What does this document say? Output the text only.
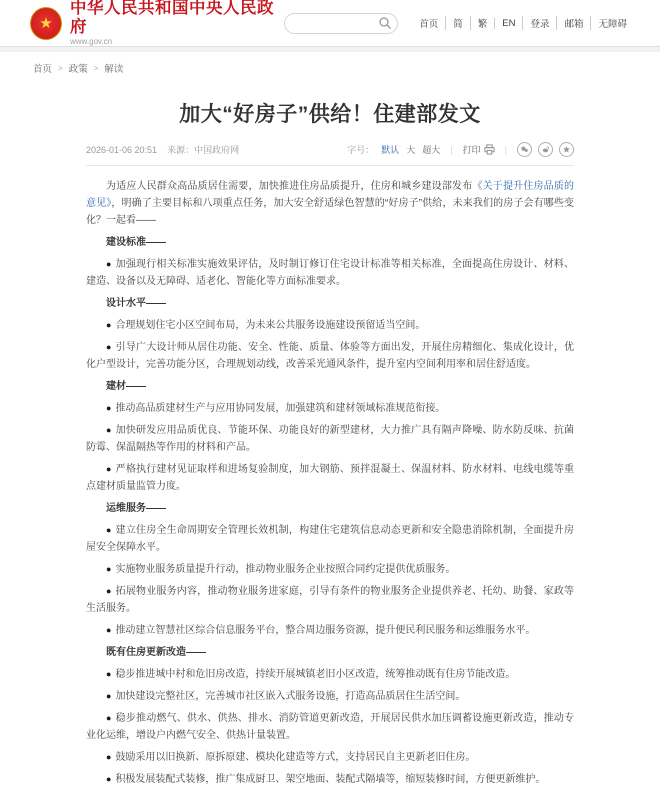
★
中华人民共和国中央人民政府
www.gov.cn
首页	简	繁	EN	登录	邮箱	无障碍
首页 > 政策 > 解读
加大“好房子”供给！住建部发文
2026-01-06 20:51 来源：中国政府网	字号： 默认 大 超大	|	打印	|

为适应人民群众高品质居住需要，加快推进住房品质提升，住房和城乡建设部发布《关于提升住房品质的意见》，明确了主要目标和八项重点任务，加大安全舒适绿色智慧的“好房子”供给，未来我们的房子会有哪些变化？一起看——

建设标准——

● 加强现行相关标准实施效果评估，及时制订修订住宅设计标准等相关标准，全面提高住房设计、材料、建造、设备以及无障碍、适老化、智能化等方面标准要求。

设计水平——

● 合理规划住宅小区空间布局，为未来公共服务设施建设预留适当空间。

● 引导广大设计师从居住功能、安全、性能、质量、体验等方面出发，开展住房精细化、集成化设计，优化户型设计，完善功能分区，合理规划动线，改善采光通风条件，提升室内空间利用率和居住舒适度。

建材——

● 推动高品质建材生产与应用协同发展，加强建筑和建材领域标准规范衔接。

● 加快研发应用品质优良、节能环保、功能良好的新型建材，大力推广具有隔声降噪、防水防反味、抗菌防霉、保温隔热等作用的材料和产品。

● 严格执行建材见证取样和进场复验制度，加大钢筋、预拌混凝土、保温材料、防水材料、电线电缆等重点建材质量监管力度。

运维服务——

● 建立住房全生命周期安全管理长效机制，构建住宅建筑信息动态更新和安全隐患消除机制，全面提升房屋安全保障水平。

● 实施物业服务质量提升行动，推动物业服务企业按照合同约定提供优质服务。

● 拓展物业服务内容，推动物业服务进家庭，引导有条件的物业服务企业提供养老、托幼、助餐、家政等生活服务。

● 推动建立智慧社区综合信息服务平台，整合周边服务资源，提升便民利民服务和运维服务水平。

既有住房更新改造——

● 稳步推进城中村和危旧房改造，持续开展城镇老旧小区改造，统筹推动既有住房节能改造。

● 加快建设完整社区，完善城市社区嵌入式服务设施，打造高品质居住生活空间。

● 稳步推动燃气、供水、供热、排水、消防管道更新改造，开展居民供水加压调蓄设施更新改造，推动专业化运维，增设户内燃气安全、供热计量装置。

● 鼓励采用以旧换新、原拆原建、模块化建造等方式，支持居民自主更新老旧住房。

● 积极发展装配式装修，推广集成厨卫、架空地面、装配式隔墙等，缩短装修时间，方便更新维护。
